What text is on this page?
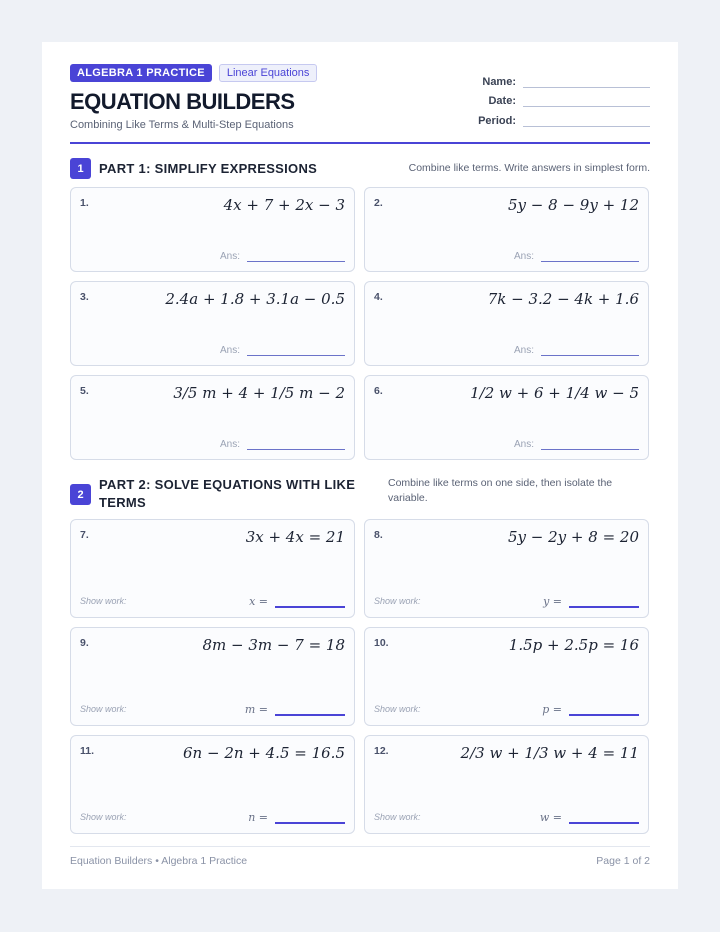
ALGEBRA 1 PRACTICE	Linear Equations
EQUATION BUILDERS
Combining Like Terms & Multi-Step Equations
Name:
Date:
Period:
1	PART 1: SIMPLIFY EXPRESSIONS	Combine like terms. Write answers in simplest form.
1.	4x + 7 + 2x − 3
Ans:
2.	5y − 8 − 9y + 12
Ans:
3.	2.4a + 1.8 + 3.1a − 0.5
Ans:
4.	7k − 3.2 − 4k + 1.6
Ans:
5.	3/5 m + 4 + 1/5 m − 2
Ans:
6.	1/2 w + 6 + 1/4 w − 5
Ans:
2
PART 2: SOLVE EQUATIONS WITH LIKE TERMS
Combine like terms on one side, then isolate the variable.
7.	3x + 4x = 21
Show work:	x =
8.	5y − 2y + 8 = 20
Show work:	y =
9.	8m − 3m − 7 = 18
Show work:	m =
10.	1.5p + 2.5p = 16
Show work:	p =
11.	6n − 2n + 4.5 = 16.5
Show work:	n =
12.	2/3 w + 1/3 w + 4 = 11
Show work:	w =
Equation Builders • Algebra 1 Practice	Page 1 of 2
